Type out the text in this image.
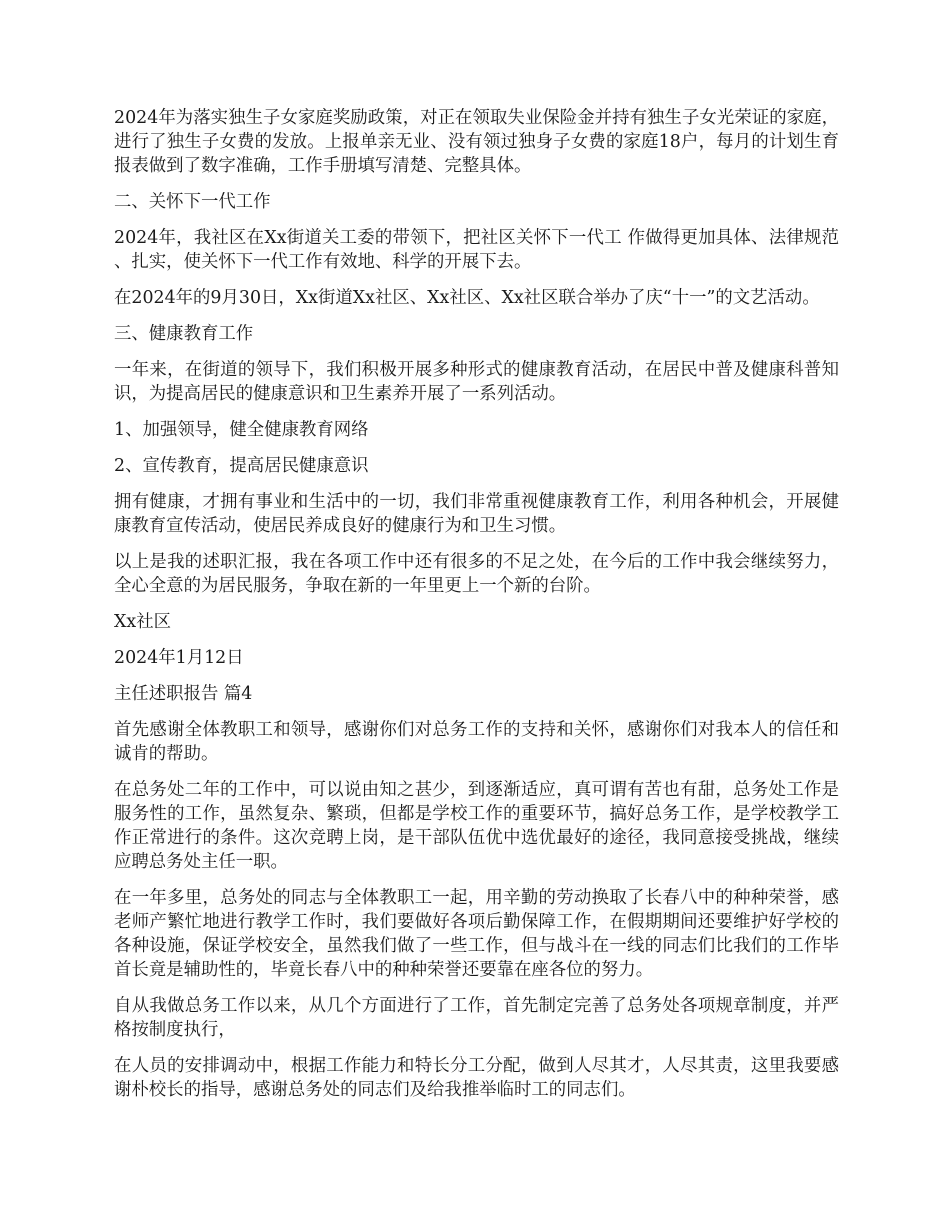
2024年为落实独生子女家庭奖励政策，对正在领取失业保险金并持有独生子女光荣证的家庭，进行了独生子女费的发放。上报单亲无业、没有领过独身子女费的家庭18户，每月的计划生育报表做到了数字准确，工作手册填写清楚、完整具体。

二、关怀下一代工作

2024年，我社区在Xx街道关工委的带领下，把社区关怀下一代工 作做得更加具体、法律规范、扎实，使关怀下一代工作有效地、科学的开展下去。

在2024年的9月30日，Xx街道Xx社区、Xx社区、Xx社区联合举办了庆“十一”的文艺活动。

三、健康教育工作

一年来，在街道的领导下，我们积极开展多种形式的健康教育活动，在居民中普及健康科普知识，为提高居民的健康意识和卫生素养开展了一系列活动。

1、加强领导，健全健康教育网络

2、宣传教育，提高居民健康意识

拥有健康，才拥有事业和生活中的一切，我们非常重视健康教育工作，利用各种机会，开展健康教育宣传活动，使居民养成良好的健康行为和卫生习惯。

以上是我的述职汇报，我在各项工作中还有很多的不足之处，在今后的工作中我会继续努力，全心全意的为居民服务，争取在新的一年里更上一个新的台阶。

Xx社区

2024年1月12日

主任述职报告 篇4

首先感谢全体教职工和领导，感谢你们对总务工作的支持和关怀，感谢你们对我本人的信任和诚肯的帮助。

在总务处二年的工作中，可以说由知之甚少，到逐渐适应，真可谓有苦也有甜，总务处工作是服务性的工作，虽然复杂、繁琐，但都是学校工作的重要环节，搞好总务工作，是学校教学工作正常进行的条件。这次竞聘上岗，是干部队伍优中选优最好的途径，我同意接受挑战，继续应聘总务处主任一职。

在一年多里，总务处的同志与全体教职工一起，用辛勤的劳动换取了长春八中的种种荣誉，感老师产繁忙地进行教学工作时，我们要做好各项后勤保障工作，在假期期间还要维护好学校的各种设施，保证学校安全，虽然我们做了一些工作，但与战斗在一线的同志们比我们的工作毕首长竟是辅助性的，毕竟长春八中的种种荣誉还要靠在座各位的努力。

自从我做总务工作以来，从几个方面进行了工作，首先制定完善了总务处各项规章制度，并严格按制度执行，

在人员的安排调动中，根据工作能力和特长分工分配，做到人尽其才，人尽其责，这里我要感谢朴校长的指导，感谢总务处的同志们及给我推举临时工的同志们。
